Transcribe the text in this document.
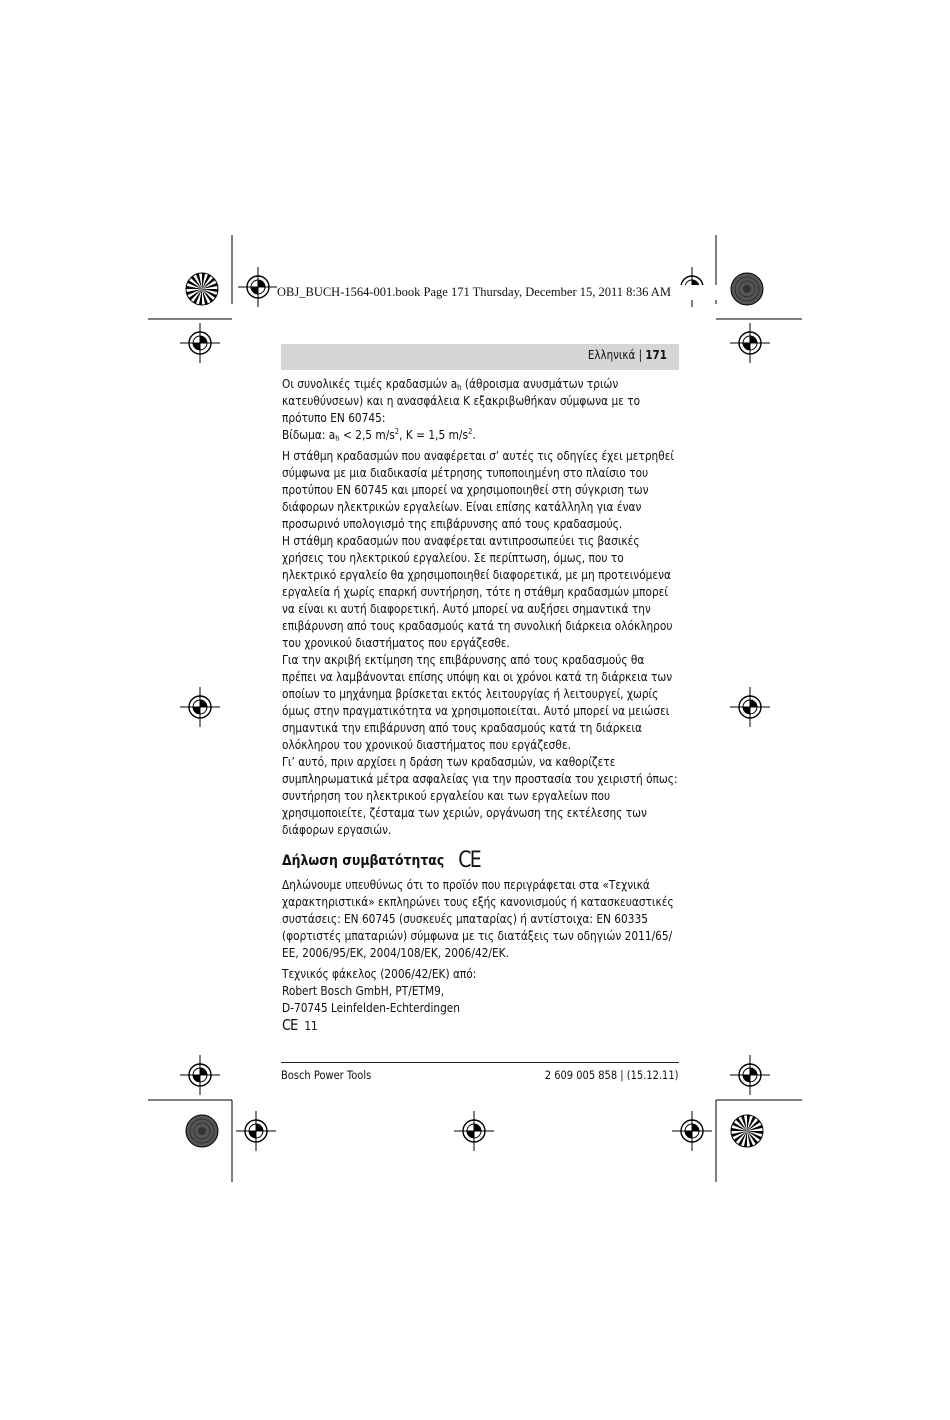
OBJ_BUCH-1564-001.book Page 171 Thursday, December 15, 2011 8:36 AM
Ελληνικά | 171

Οι συνολικές τιμές κραδασμών $a_h$ (άθροισμα ανυσμάτων τριών κατευθύνσεων) και η ανασφάλεια K εξακριβωθήκαν σύμφωνα με το πρότυπο EN 60745:

Βίδωμα: $a_h < 2,5$ $m/s^2$, K = 1,5 $m/s^2$.

Η στάθμη κραδασμών που αναφέρεται σ’ αυτές τις οδηγίες έχει μετρηθεί σύμφωνα με μια διαδικασία μέτρησης τυποποιημένη στο πλαίσιο του προτύπου EN 60745 και μπορεί να χρησιμοποιηθεί στη σύγκριση των διάφορων ηλεκτρικών εργαλείων. Είναι επίσης κατάλληλη για έναν προσωρινό υπολογισμό της επιβάρυνσης από τους κραδασμούς.

Η στάθμη κραδασμών που αναφέρεται αντιπροσωπεύει τις βασικές χρήσεις του ηλεκτρικού εργαλείου. Σε περίπτωση, όμως, που το ηλεκτρικό εργαλείο θα χρησιμοποιηθεί διαφορετικά, με μη προτεινόμενα εργαλεία ή χωρίς επαρκή συντήρηση, τότε η στάθμη κραδασμών μπορεί να είναι κι αυτή διαφορετική. Αυτό μπορεί να αυξήσει σημαντικά την επιβάρυνση από τους κραδασμούς κατά τη συνολική διάρκεια ολόκληρου του χρονικού διαστήματος που εργάζεσθε.

Για την ακριβή εκτίμηση της επιβάρυνσης από τους κραδασμούς θα πρέπει να λαμβάνονται επίσης υπόψη και οι χρόνοι κατά τη διάρκεια των οποίων το μηχάνημα βρίσκεται εκτός λειτουργίας ή λειτουργεί, χωρίς όμως στην πραγματικότητα να χρησιμοποιείται. Αυτό μπορεί να μειώσει σημαντικά την επιβάρυνση από τους κραδασμούς κατά τη διάρκεια ολόκληρου του χρονικού διαστήματος που εργάζεσθε.

Γι’ αυτό, πριν αρχίσει η δράση των κραδασμών, να καθορίζετε συμπληρωματικά μέτρα ασφαλείας για την προστασία του χειριστή όπως: συντήρηση του ηλεκτρικού εργαλείου και των εργαλείων που χρησιμοποιείτε, ζέσταμα των χεριών, οργάνωση της εκτέλεσης των διάφορων εργασιών.

Δήλωση συμβατότητας CE

Δηλώνουμε υπευθύνως ότι το προϊόν που περιγράφεται στα «Τεχνικά χαρακτηριστικά» εκπληρώνει τους εξής κανονισμούς ή κατασκευαστικές συστάσεις: EN 60745 (συσκευές μπαταρίας) ή αντίστοιχα: EN 60335 (φορτιστές μπαταριών) σύμφωνα με τις διατάξεις των οδηγιών 2011/65/ΕΕ, 2006/95/ΕΚ, 2004/108/ΕΚ, 2006/42/ΕΚ.

Τεχνικός φάκελος (2006/42/ΕΚ) από:

Robert Bosch GmbH, PT/ETM9,

D-70745 Leinfelden-Echterdingen

CE 11

Bosch Power Tools	2 609 005 858 | (15.12.11)
